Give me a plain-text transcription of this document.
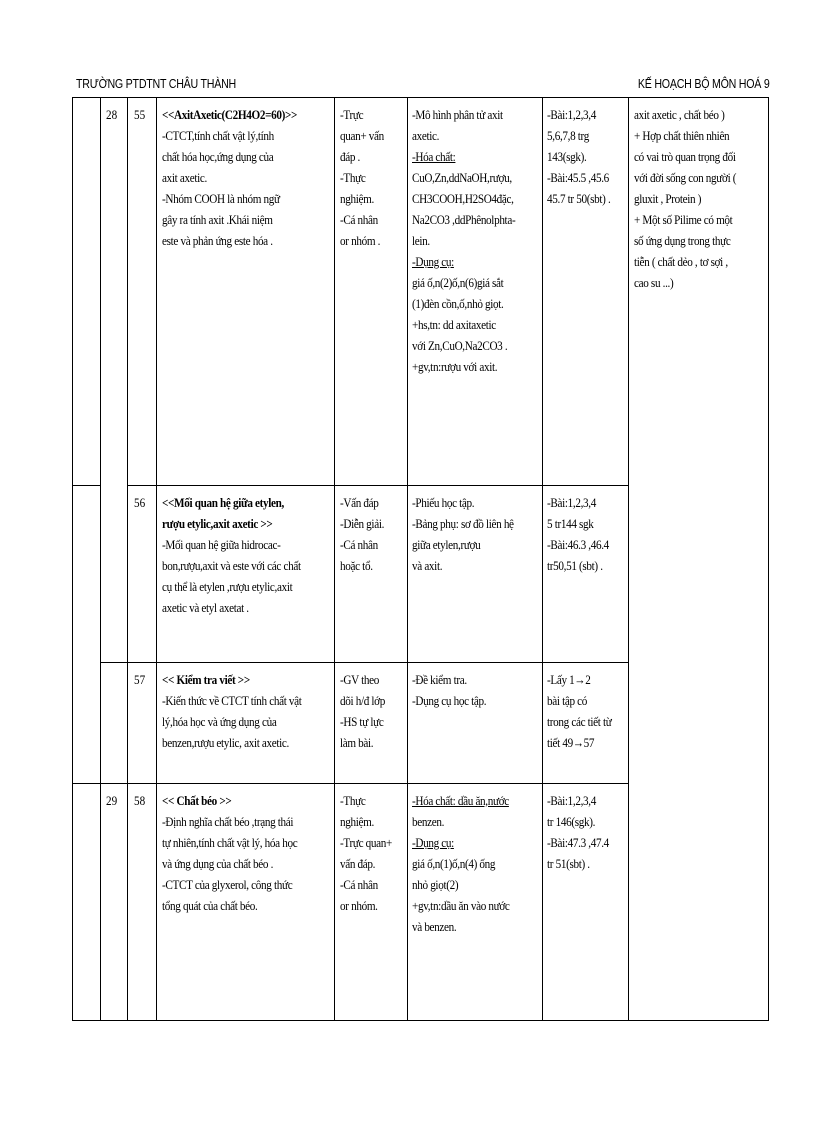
TRƯỜNG PTDTNT CHÂU THÀNH	KẾ HOẠCH BỘ MÔN HOÁ 9
28 55 <<AxitAxetic(C2H4O2=60)>>
-CTCT,tính chất vật lý,tính
chất hóa học,ứng dụng của
axit axetic.
-Nhóm COOH là nhóm ngữ
gây ra tính axit .Khái niệm
este và phản ứng este hóa .
-Trực
quan+ vấn
đáp .
-Thực
nghiệm.
-Cá nhân
or nhóm .
-Mô hình phân tử axit
axetic.
-Hóa chất:
CuO,Zn,ddNaOH,rượu,
CH3COOH,H2SO4đặc,
Na2CO3 ,ddPhênolphta-
lein.
-Dụng cụ:
giá ố,n(2)ố,n(6)giá sắt
(1)đèn cồn,ố,nhỏ giọt.
+hs,tn: dd axitaxetic
với Zn,CuO,Na2CO3 .
+gv,tn:rượu với axit.
-Bài:1,2,3,4
5,6,7,8 trg
143(sgk).
-Bài:45.5 ,45.6
45.7 tr 50(sbt) .
axit axetic , chất béo )
+ Hợp chất thiên nhiên
có vai trò quan trọng đối
với đời sống con người (
gluxit , Protein )
+ Một số Pilime có một
số ứng dụng trong thực
tiễn ( chất dẻo , tơ sợi ,
cao su ...)
56 <<Mối quan hệ giữa etylen,
rượu etylic,axit axetic >>
-Mối quan hệ giữa hidrocac-
bon,rượu,axit và este với các chất
cụ thể là etylen ,rượu etylic,axit
axetic và etyl axetat .
-Vấn đáp
-Diễn giải.
-Cá nhân
hoặc tổ.
-Phiếu học tập.
-Bảng phụ: sơ đồ liên hệ
giữa etylen,rượu
và axit.
-Bài:1,2,3,4
5 tr144 sgk
-Bài:46.3 ,46.4
tr50,51 (sbt) .
57 << Kiểm tra viết >>
-Kiến thức về CTCT tính chất vật
lý,hóa học và ứng dụng của
benzen,rượu etylic, axit axetic.
-GV theo
dõi h/đ lớp
-HS tự lực
làm bài.
-Đề kiểm tra.
-Dụng cụ học tập.
-Lấy 1→2
bài tập có
trong các tiết từ
tiết 49→57
29 58 << Chất béo >>
-Định nghĩa chất béo ,trạng thái
tự nhiên,tính chất vật lý, hóa học
và ứng dụng của chất béo .
-CTCT của glyxerol, công thức
tổng quát của chất béo.
-Thực
nghiệm.
-Trực quan+
vấn đáp.
-Cá nhân
or nhóm.
-Hóa chất: dầu ăn,nước
benzen.
-Dụng cụ:
giá ố,n(1)ố,n(4) ống
nhỏ giọt(2)
+gv,tn:dầu ăn vào nước
và benzen.
-Bài:1,2,3,4
tr 146(sgk).
-Bài:47.3 ,47.4
tr 51(sbt) .
